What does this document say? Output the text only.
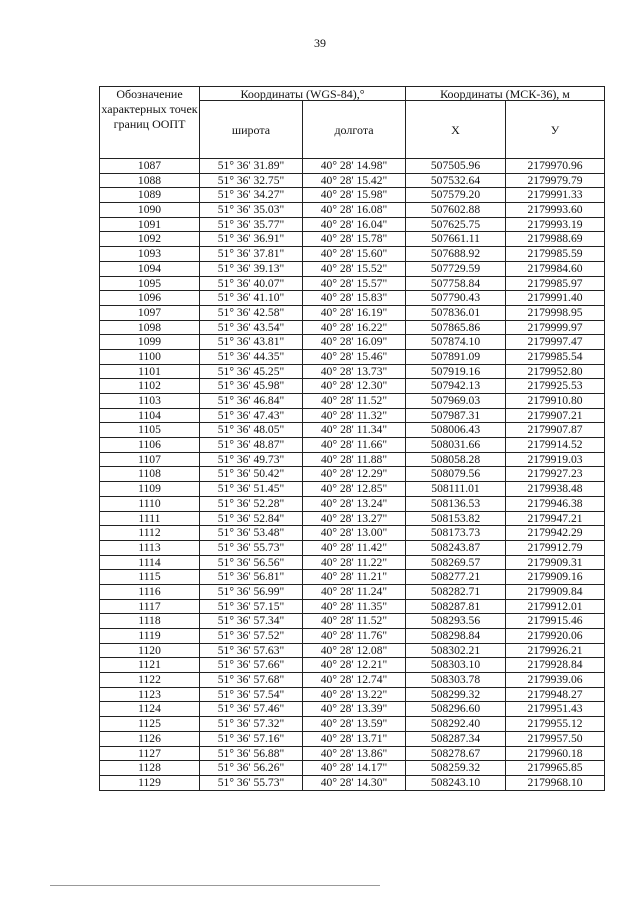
39
Обозначение характерных точек границ ООПТ	Координаты (WGS-84),°		Координаты (МСК-36), м	
	широта	долгота	Х	У
1087	51° 36' 31.89"	40° 28' 14.98"	507505.96	2179970.96
1088	51° 36' 32.75"	40° 28' 15.42"	507532.64	2179979.79
1089	51° 36' 34.27"	40° 28' 15.98"	507579.20	2179991.33
1090	51° 36' 35.03"	40° 28' 16.08"	507602.88	2179993.60
1091	51° 36' 35.77"	40° 28' 16.04"	507625.75	2179993.19
1092	51° 36' 36.91"	40° 28' 15.78"	507661.11	2179988.69
1093	51° 36' 37.81"	40° 28' 15.60"	507688.92	2179985.59
1094	51° 36' 39.13"	40° 28' 15.52"	507729.59	2179984.60
1095	51° 36' 40.07"	40° 28' 15.57"	507758.84	2179985.97
1096	51° 36' 41.10"	40° 28' 15.83"	507790.43	2179991.40
1097	51° 36' 42.58"	40° 28' 16.19"	507836.01	2179998.95
1098	51° 36' 43.54"	40° 28' 16.22"	507865.86	2179999.97
1099	51° 36' 43.81"	40° 28' 16.09"	507874.10	2179997.47
1100	51° 36' 44.35"	40° 28' 15.46"	507891.09	2179985.54
1101	51° 36' 45.25"	40° 28' 13.73"	507919.16	2179952.80
1102	51° 36' 45.98"	40° 28' 12.30"	507942.13	2179925.53
1103	51° 36' 46.84"	40° 28' 11.52"	507969.03	2179910.80
1104	51° 36' 47.43"	40° 28' 11.32"	507987.31	2179907.21
1105	51° 36' 48.05"	40° 28' 11.34"	508006.43	2179907.87
1106	51° 36' 48.87"	40° 28' 11.66"	508031.66	2179914.52
1107	51° 36' 49.73"	40° 28' 11.88"	508058.28	2179919.03
1108	51° 36' 50.42"	40° 28' 12.29"	508079.56	2179927.23
1109	51° 36' 51.45"	40° 28' 12.85"	508111.01	2179938.48
1110	51° 36' 52.28"	40° 28' 13.24"	508136.53	2179946.38
1111	51° 36' 52.84"	40° 28' 13.27"	508153.82	2179947.21
1112	51° 36' 53.48"	40° 28' 13.00"	508173.73	2179942.29
1113	51° 36' 55.73"	40° 28' 11.42"	508243.87	2179912.79
1114	51° 36' 56.56"	40° 28' 11.22"	508269.57	2179909.31
1115	51° 36' 56.81"	40° 28' 11.21"	508277.21	2179909.16
1116	51° 36' 56.99"	40° 28' 11.24"	508282.71	2179909.84
1117	51° 36' 57.15"	40° 28' 11.35"	508287.81	2179912.01
1118	51° 36' 57.34"	40° 28' 11.52"	508293.56	2179915.46
1119	51° 36' 57.52"	40° 28' 11.76"	508298.84	2179920.06
1120	51° 36' 57.63"	40° 28' 12.08"	508302.21	2179926.21
1121	51° 36' 57.66"	40° 28' 12.21"	508303.10	2179928.84
1122	51° 36' 57.68"	40° 28' 12.74"	508303.78	2179939.06
1123	51° 36' 57.54"	40° 28' 13.22"	508299.32	2179948.27
1124	51° 36' 57.46"	40° 28' 13.39"	508296.60	2179951.43
1125	51° 36' 57.32"	40° 28' 13.59"	508292.40	2179955.12
1126	51° 36' 57.16"	40° 28' 13.71"	508287.34	2179957.50
1127	51° 36' 56.88"	40° 28' 13.86"	508278.67	2179960.18
1128	51° 36' 56.26"	40° 28' 14.17"	508259.32	2179965.85
1129	51° 36' 55.73"	40° 28' 14.30"	508243.10	2179968.10
